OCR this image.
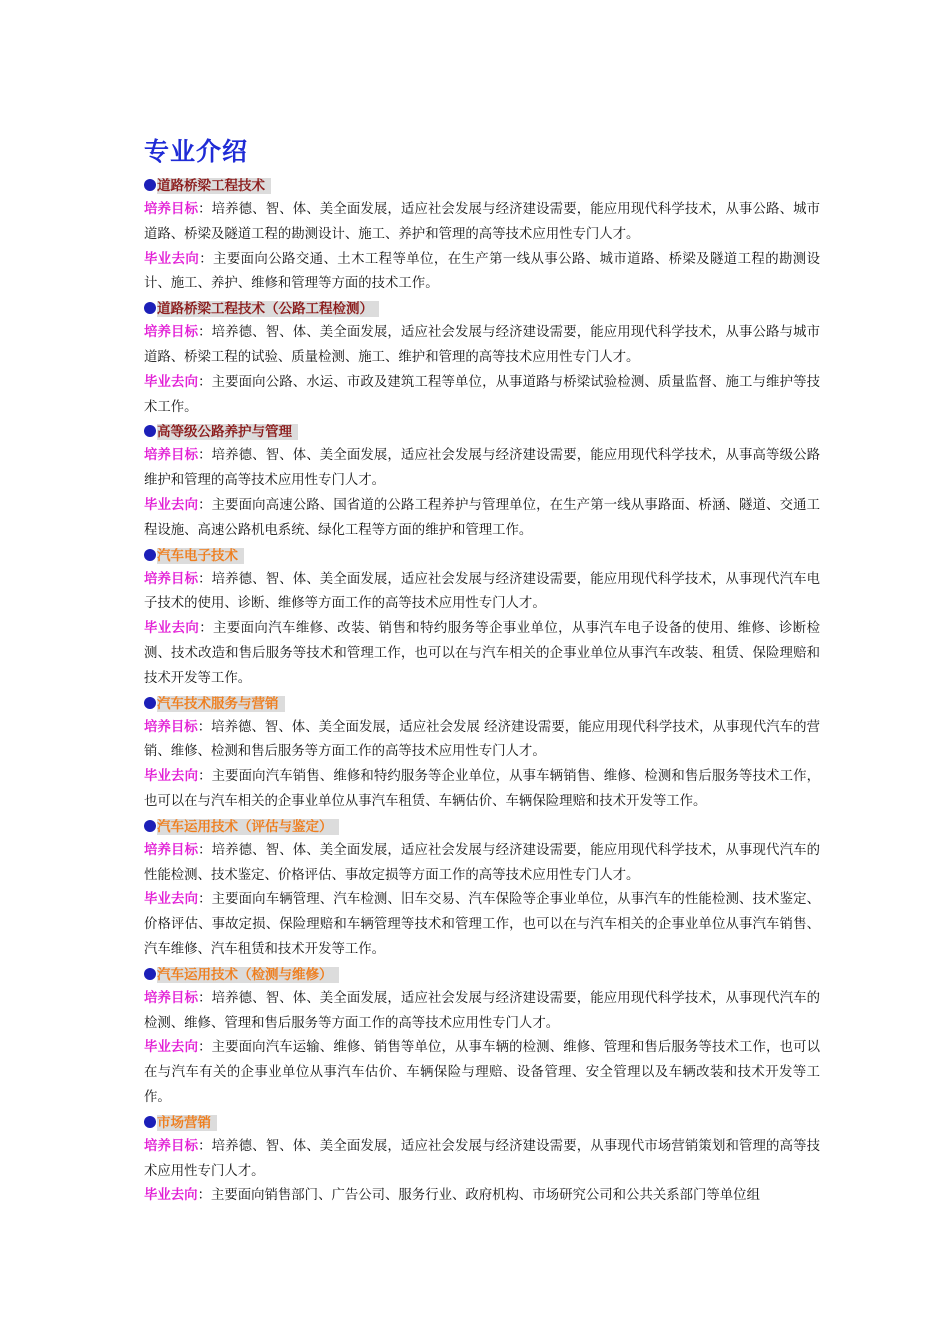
专业介绍
道路桥梁工程技术
培养目标：培养德、智、体、美全面发展，适应社会发展与经济建设需要，能应用现代科学技术，从事公路、城市道路、桥梁及隧道工程的勘测设计、施工、养护和管理的高等技术应用性专门人才。
毕业去向：主要面向公路交通、土木工程等单位，在生产第一线从事公路、城市道路、桥梁及隧道工程的勘测设计、施工、养护、维修和管理等方面的技术工作。
道路桥梁工程技术（公路工程检测）
培养目标：培养德、智、体、美全面发展，适应社会发展与经济建设需要，能应用现代科学技术，从事公路与城市道路、桥梁工程的试验、质量检测、施工、维护和管理的高等技术应用性专门人才。
毕业去向：主要面向公路、水运、市政及建筑工程等单位，从事道路与桥梁试验检测、质量监督、施工与维护等技术工作。
高等级公路养护与管理
培养目标：培养德、智、体、美全面发展，适应社会发展与经济建设需要，能应用现代科学技术，从事高等级公路维护和管理的高等技术应用性专门人才。
毕业去向：主要面向高速公路、国省道的公路工程养护与管理单位，在生产第一线从事路面、桥涵、隧道、交通工程设施、高速公路机电系统、绿化工程等方面的维护和管理工作。
汽车电子技术
培养目标：培养德、智、体、美全面发展，适应社会发展与经济建设需要，能应用现代科学技术，从事现代汽车电子技术的使用、诊断、维修等方面工作的高等技术应用性专门人才。
毕业去向：主要面向汽车维修、改装、销售和特约服务等企事业单位，从事汽车电子设备的使用、维修、诊断检测、技术改造和售后服务等技术和管理工作，也可以在与汽车相关的企事业单位从事汽车改装、租赁、保险理赔和技术开发等工作。
汽车技术服务与营销
培养目标：培养德、智、体、美全面发展，适应社会发展 经济建设需要，能应用现代科学技术，从事现代汽车的营销、维修、检测和售后服务等方面工作的高等技术应用性专门人才。
毕业去向：主要面向汽车销售、维修和特约服务等企业单位，从事车辆销售、维修、检测和售后服务等技术工作，也可以在与汽车相关的企事业单位从事汽车租赁、车辆估价、车辆保险理赔和技术开发等工作。
汽车运用技术（评估与鉴定）
培养目标：培养德、智、体、美全面发展，适应社会发展与经济建设需要，能应用现代科学技术，从事现代汽车的性能检测、技术鉴定、价格评估、事故定损等方面工作的高等技术应用性专门人才。
毕业去向：主要面向车辆管理、汽车检测、旧车交易、汽车保险等企事业单位，从事汽车的性能检测、技术鉴定、价格评估、事故定损、保险理赔和车辆管理等技术和管理工作，也可以在与汽车相关的企事业单位从事汽车销售、汽车维修、汽车租赁和技术开发等工作。
汽车运用技术（检测与维修）
培养目标：培养德、智、体、美全面发展，适应社会发展与经济建设需要，能应用现代科学技术，从事现代汽车的检测、维修、管理和售后服务等方面工作的高等技术应用性专门人才。
毕业去向：主要面向汽车运输、维修、销售等单位，从事车辆的检测、维修、管理和售后服务等技术工作，也可以在与汽车有关的企事业单位从事汽车估价、车辆保险与理赔、设备管理、安全管理以及车辆改装和技术开发等工作。
市场营销
培养目标：培养德、智、体、美全面发展，适应社会发展与经济建设需要，从事现代市场营销策划和管理的高等技术应用性专门人才。
毕业去向：主要面向销售部门、广告公司、服务行业、政府机构、市场研究公司和公共关系部门等单位组
